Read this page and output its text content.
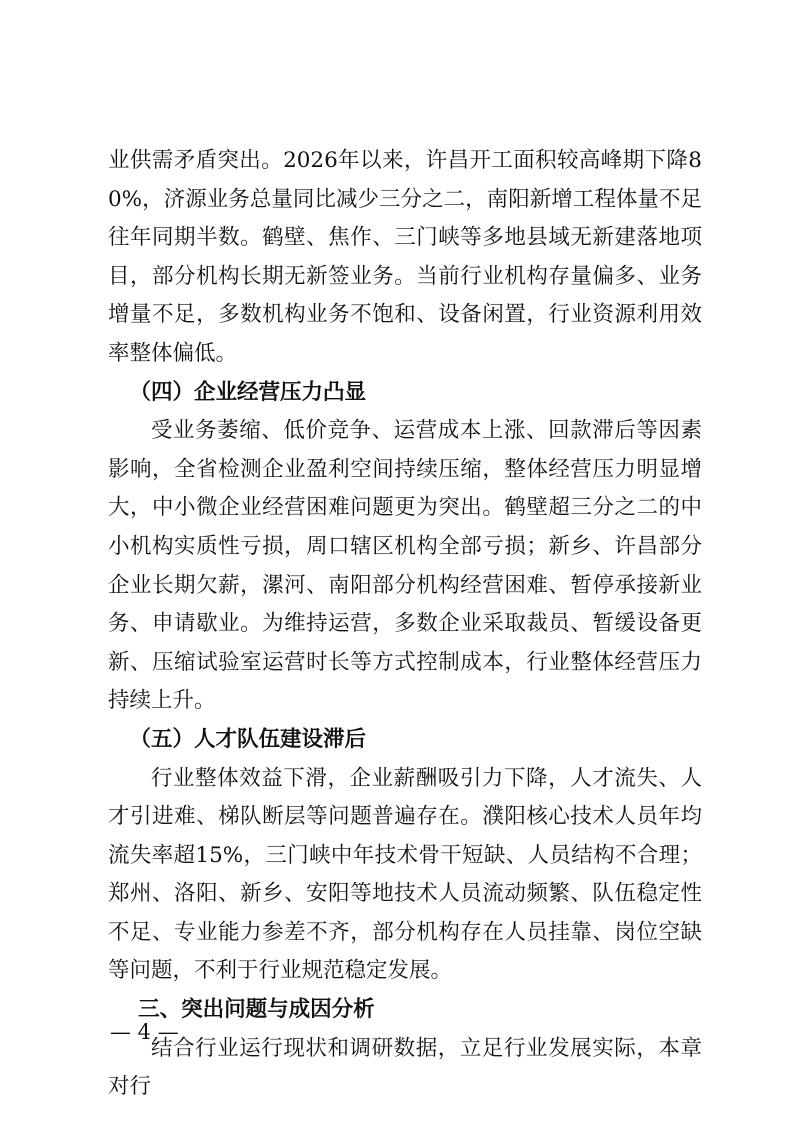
业供需矛盾突出。2026年以来，许昌开工面积较高峰期下降80%，济源业务总量同比减少三分之二，南阳新增工程体量不足往年同期半数。鹤壁、焦作、三门峡等多地县域无新建落地项目，部分机构长期无新签业务。当前行业机构存量偏多、业务增量不足，多数机构业务不饱和、设备闲置，行业资源利用效率整体偏低。

（四）企业经营压力凸显

受业务萎缩、低价竞争、运营成本上涨、回款滞后等因素影响，全省检测企业盈利空间持续压缩，整体经营压力明显增大，中小微企业经营困难问题更为突出。鹤壁超三分之二的中小机构实质性亏损，周口辖区机构全部亏损；新乡、许昌部分企业长期欠薪，漯河、南阳部分机构经营困难、暂停承接新业务、申请歇业。为维持运营，多数企业采取裁员、暂缓设备更新、压缩试验室运营时长等方式控制成本，行业整体经营压力持续上升。

（五）人才队伍建设滞后

行业整体效益下滑，企业薪酬吸引力下降，人才流失、人才引进难、梯队断层等问题普遍存在。濮阳核心技术人员年均流失率超15%，三门峡中年技术骨干短缺、人员结构不合理；郑州、洛阳、新乡、安阳等地技术人员流动频繁、队伍稳定性不足、专业能力参差不齐，部分机构存在人员挂靠、岗位空缺等问题，不利于行业规范稳定发展。

三、突出问题与成因分析

结合行业运行现状和调研数据，立足行业发展实际，本章对行

— 4 —
